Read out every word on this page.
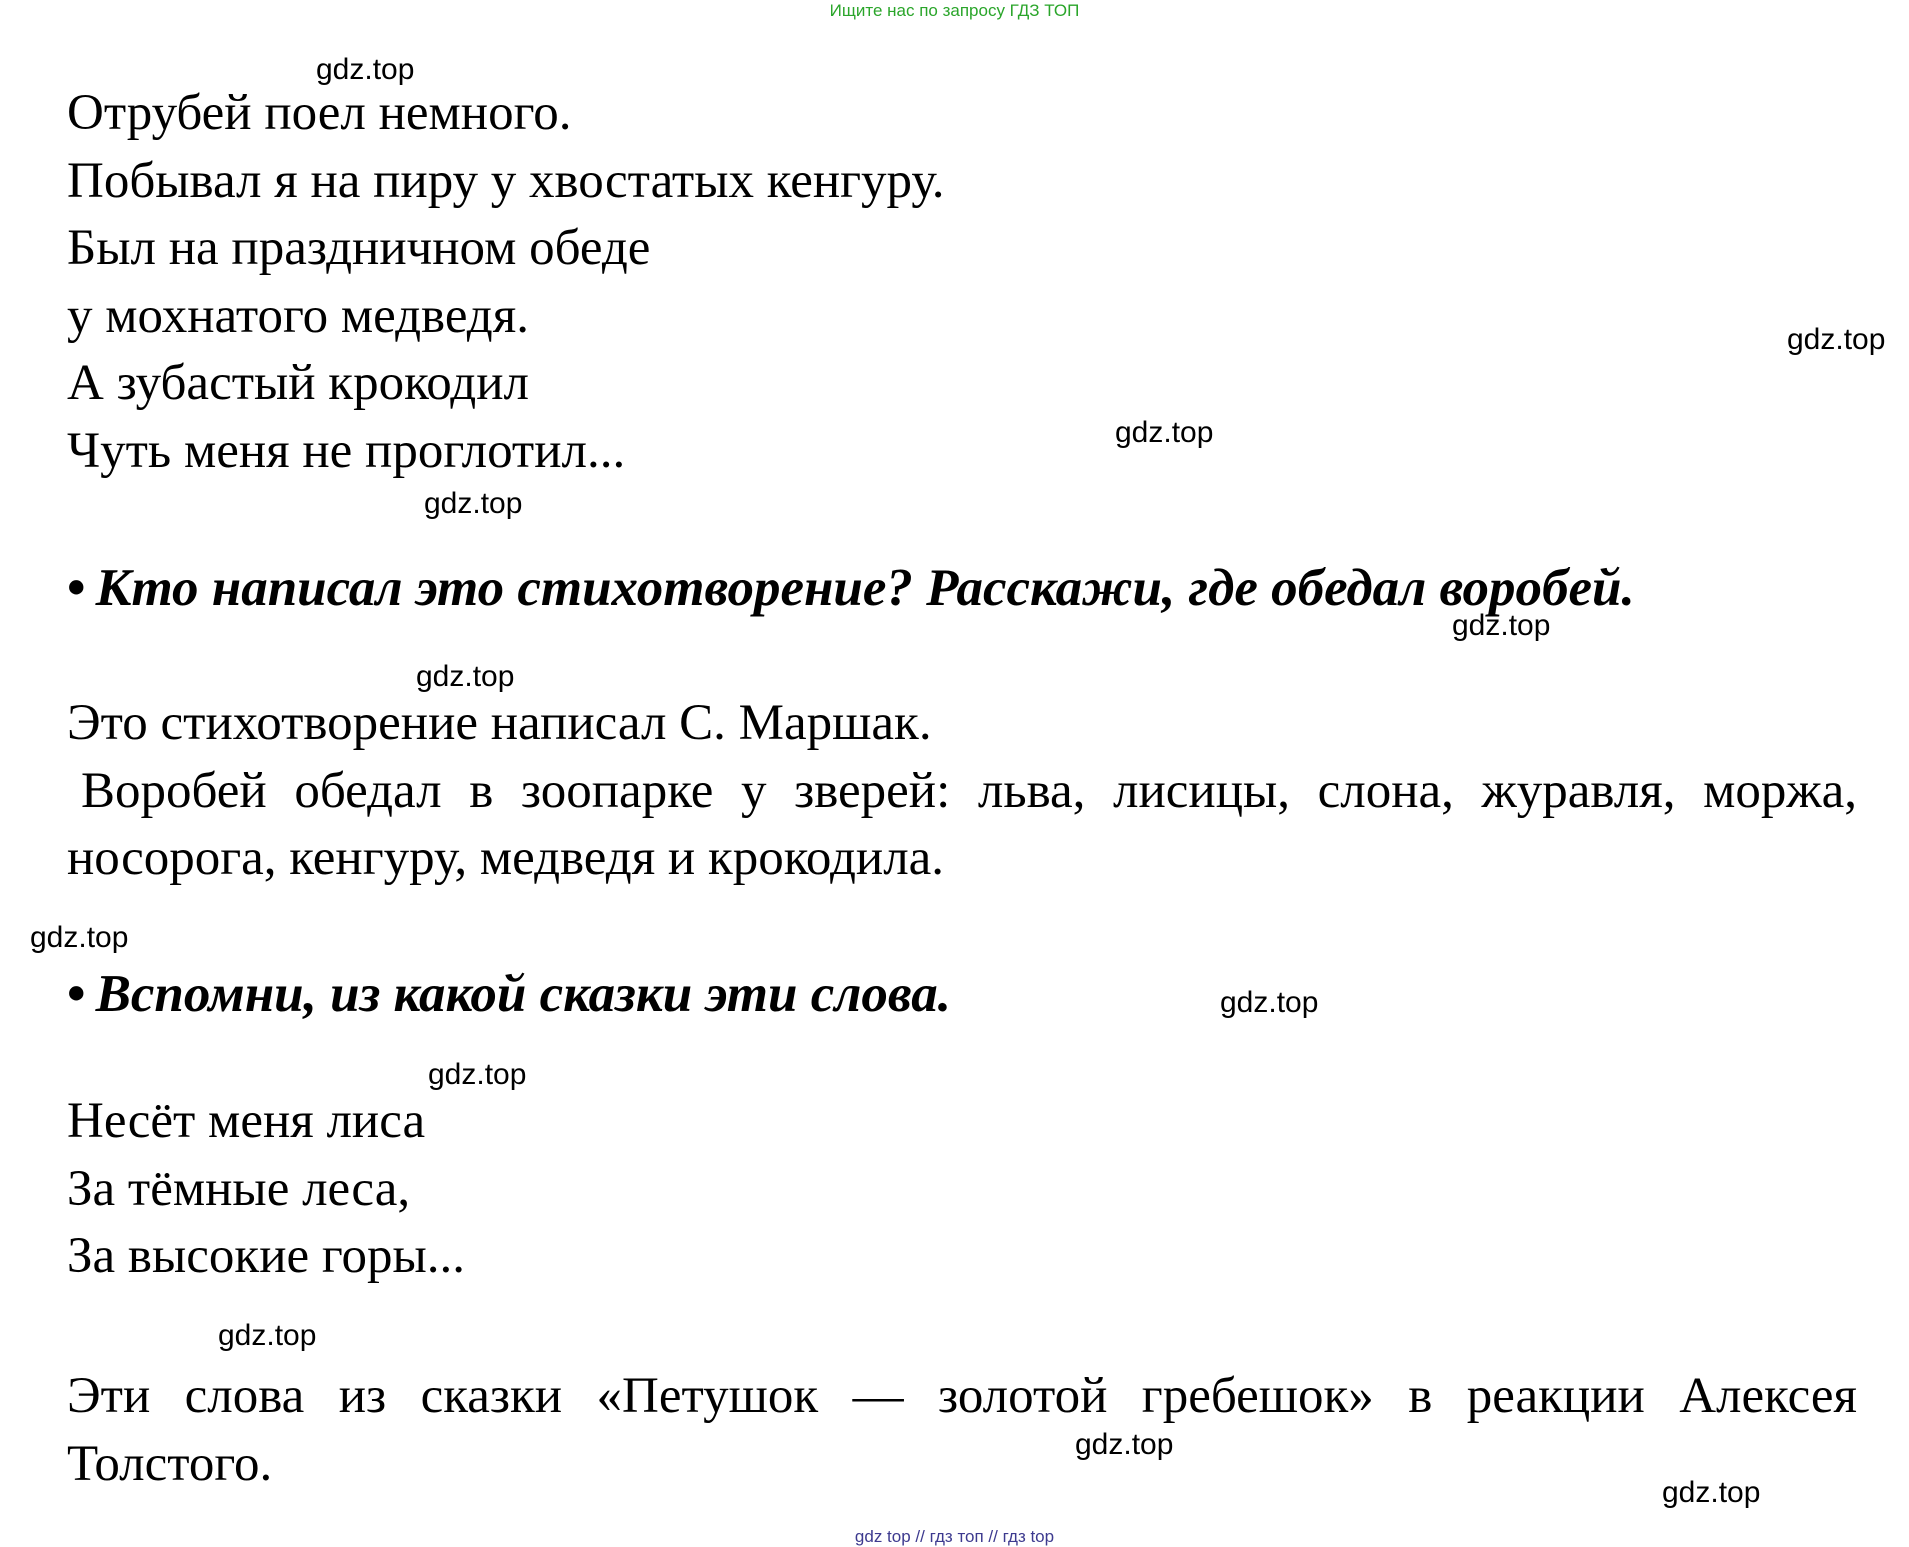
Ищите нас по запросу ГДЗ ТОП
Отрубей поел немного.
Побывал я на пиру у хвостатых кенгуру.
Был на праздничном обеде
у мохнатого медведя.
А зубастый крокодил
Чуть меня не проглотил...

• Кто написал это стихотворение? Расскажи, где обедал воробей.

Это стихотворение написал С. Маршак.

Воробей обедал в зоопарке у зверей: льва, лисицы, слона, журавля, моржа, носорога, кенгуру, медведя и крокодила.

• Вспомни, из какой сказки эти слова.

Несёт меня лиса
За тёмные леса,
За высокие горы...

Эти слова из сказки «Петушок — золотой гребешок» в реакции Алексея Толстого.

gdz.top
gdz.top
gdz.top
gdz.top
gdz.top
gdz.top
gdz.top
gdz.top
gdz.top
gdz.top
gdz.top
gdz.top
gdz top // гдз топ // гдз top
